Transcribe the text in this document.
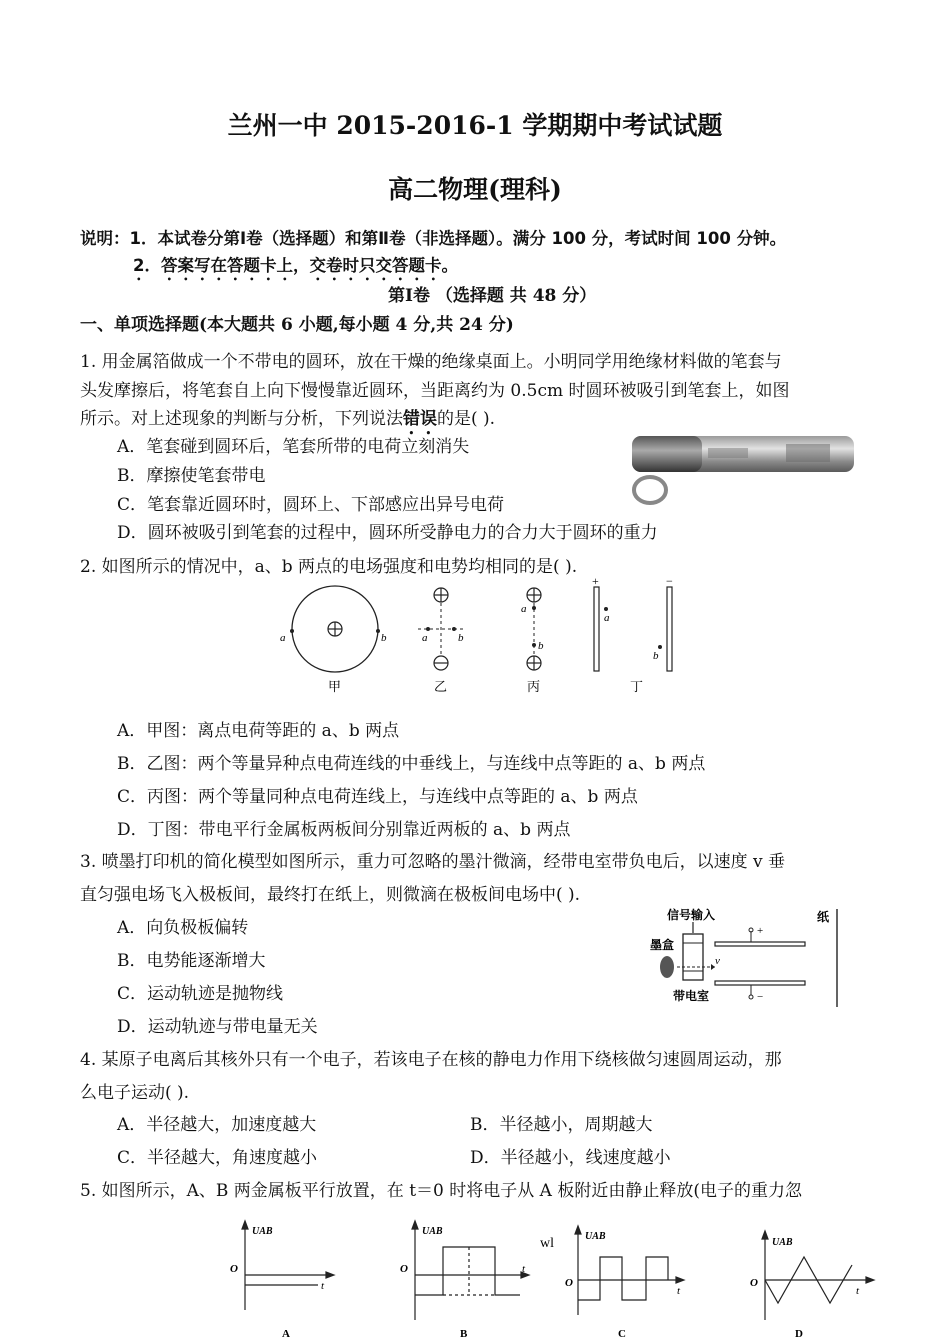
兰州一中 2015-2016-1 学期期中考试试题
高二物理(理科)
说明：1．本试卷分第Ⅰ卷（选择题）和第Ⅱ卷（非选择题）。满分 100 分，考试时间 100 分钟。
2．答案写在答题卡上，交卷时只交答题卡。
第Ⅰ卷 （选择题 共 48 分）
一、单项选择题(本大题共 6 小题,每小题 4 分,共 24 分)
1. 用金属箔做成一个不带电的圆环，放在干燥的绝缘桌面上。小明同学用绝缘材料做的笔套与
头发摩擦后，将笔套自上向下慢慢靠近圆环，当距离约为 0.5cm 时圆环被吸引到笔套上，如图
所示。对上述现象的判断与分析，下列说法错误的是( ).
A．笔套碰到圆环后，笔套所带的电荷立刻消失
B．摩擦使笔套带电
C．笔套靠近圆环时，圆环上、下部感应出异号电荷
D．圆环被吸引到笔套的过程中，圆环所受静电力的合力大于圆环的重力
2. 如图所示的情况中，a、b 两点的电场强度和电势均相同的是( ).
a	b	a	b
a
b
+	−
a
b
甲	乙	丙	丁
A．甲图：离点电荷等距的 a、b 两点
B．乙图：两个等量异种点电荷连线的中垂线上，与连线中点等距的 a、b 两点
C．丙图：两个等量同种点电荷连线上，与连线中点等距的 a、b 两点
D．丁图：带电平行金属板两板间分别靠近两板的 a、b 两点
3. 喷墨打印机的简化模型如图所示，重力可忽略的墨汁微滴，经带电室带负电后，以速度 v 垂
直匀强电场飞入极板间，最终打在纸上，则微滴在极板间电场中( ).
A．向负极板偏转
B．电势能逐渐增大
C．运动轨迹是抛物线
D．运动轨迹与带电量无关
信号输入
墨盒
v
+
−
带电室
纸
4. 某原子电离后其核外只有一个电子，若该电子在核的静电力作用下绕核做匀速圆周运动，那
么电子运动( ).
A．半径越大，加速度越大	B．半径越小，周期越大
C．半径越大，角速度越小	D．半径越小，线速度越小
5. 如图所示，A、B 两金属板平行放置，在 t＝0 时将电子从 A 板附近由静止释放(电子的重力忽
UAB
O
t
A
UAB
O	t
B
wl	UAB
O
t
C
UAB
O
t
D
